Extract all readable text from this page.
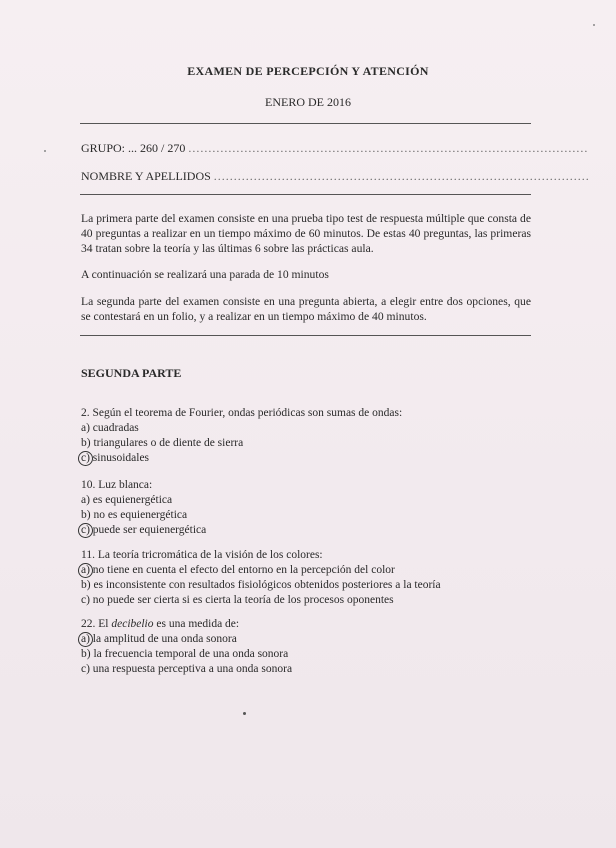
EXAMEN DE PERCEPCIÓN Y ATENCIÓN
ENERO DE 2016
GRUPO: ... 260 / 270 ....................................................................................................
NOMBRE Y APELLIDOS ..............................................................................................
La primera parte del examen consiste en una prueba tipo test de respuesta múltiple que consta de 40 preguntas a realizar en un tiempo máximo de 60 minutos. De estas 40 preguntas, las primeras 34 tratan sobre la teoría y las últimas 6 sobre las prácticas aula.
A continuación se realizará una parada de 10 minutos
La segunda parte del examen consiste en una pregunta abierta, a elegir entre dos opciones, que se contestará en un folio, y a realizar en un tiempo máximo de 40 minutos.
SEGUNDA PARTE
2. Según el teorema de Fourier, ondas periódicas son sumas de ondas:
a) cuadradas
b) triangulares o de diente de sierra
c) sinusoidales
10. Luz blanca:
a) es equienergética
b) no es equienergética
c) puede ser equienergética
11. La teoría tricromática de la visión de los colores:
a) no tiene en cuenta el efecto del entorno en la percepción del color
b) es inconsistente con resultados fisiológicos obtenidos posteriores a la teoría
c) no puede ser cierta si es cierta la teoría de los procesos oponentes
22. El decibelio es una medida de:
a) la amplitud de una onda sonora
b) la frecuencia temporal de una onda sonora
c) una respuesta perceptiva a una onda sonora
